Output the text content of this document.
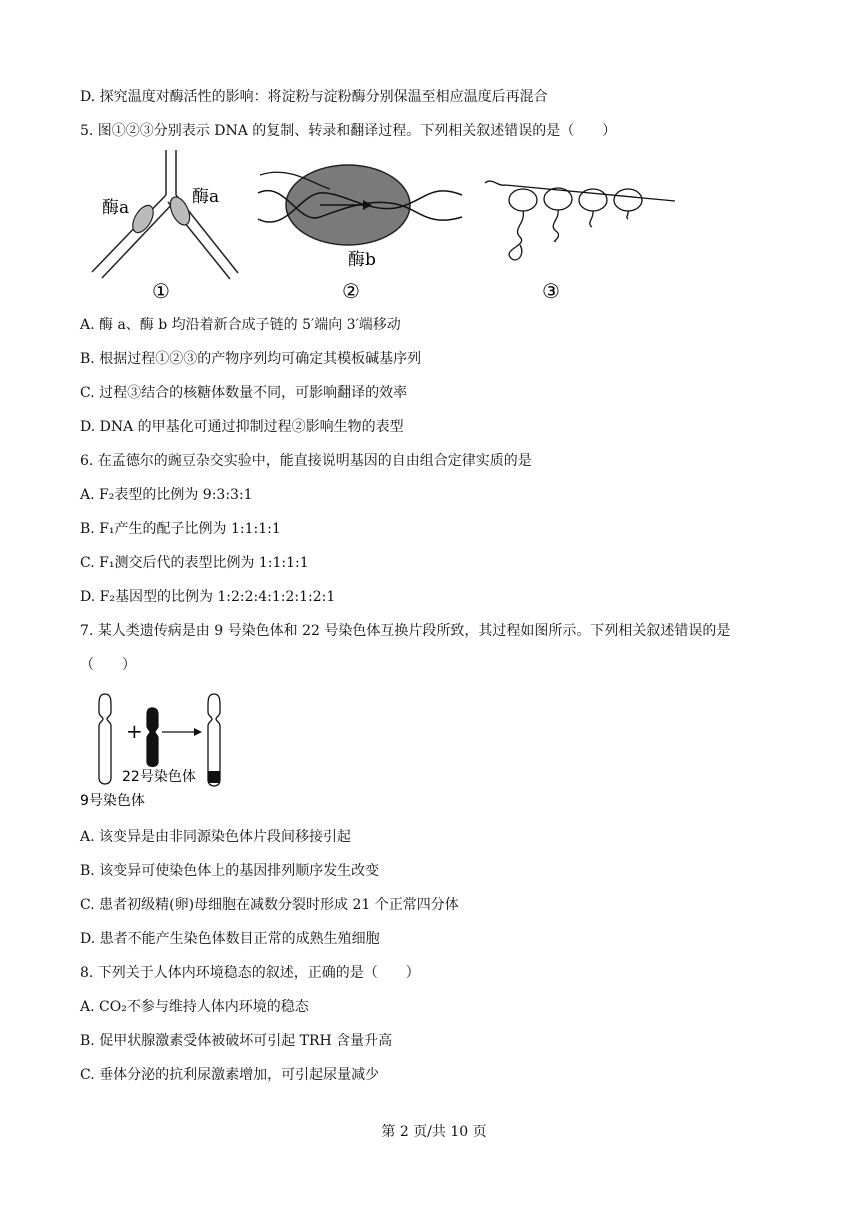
D. 探究温度对酶活性的影响：将淀粉与淀粉酶分别保温至相应温度后再混合
5. 图①②③分别表示 DNA 的复制、转录和翻译过程。下列相关叙述错误的是（　　）
酶a
酶a
①
酶b
②	③
A. 酶 a、酶 b 均沿着新合成子链的 5′端向 3′端移动
B. 根据过程①②③的产物序列均可确定其模板碱基序列
C. 过程③结合的核糖体数量不同，可影响翻译的效率
D. DNA 的甲基化可通过抑制过程②影响生物的表型
6. 在孟德尔的豌豆杂交实验中，能直接说明基因的自由组合定律实质的是
A. F₂表型的比例为 9:3:3:1
B. F₁产生的配子比例为 1:1:1:1
C. F₁测交后代的表型比例为 1:1:1:1
D. F₂基因型的比例为 1:2:2:4:1:2:1:2:1
7. 某人类遗传病是由 9 号染色体和 22 号染色体互换片段所致，其过程如图所示。下列相关叙述错误的是
（　　）
+
22号染色体
9号染色体
A. 该变异是由非同源染色体片段间移接引起
B. 该变异可使染色体上的基因排列顺序发生改变
C. 患者初级精(卵)母细胞在减数分裂时形成 21 个正常四分体
D. 患者不能产生染色体数目正常的成熟生殖细胞
8. 下列关于人体内环境稳态的叙述，正确的是（　　）
A. CO₂不参与维持人体内环境的稳态
B. 促甲状腺激素受体被破坏可引起 TRH 含量升高
C. 垂体分泌的抗利尿激素增加，可引起尿量减少
第 2 页/共 10 页
